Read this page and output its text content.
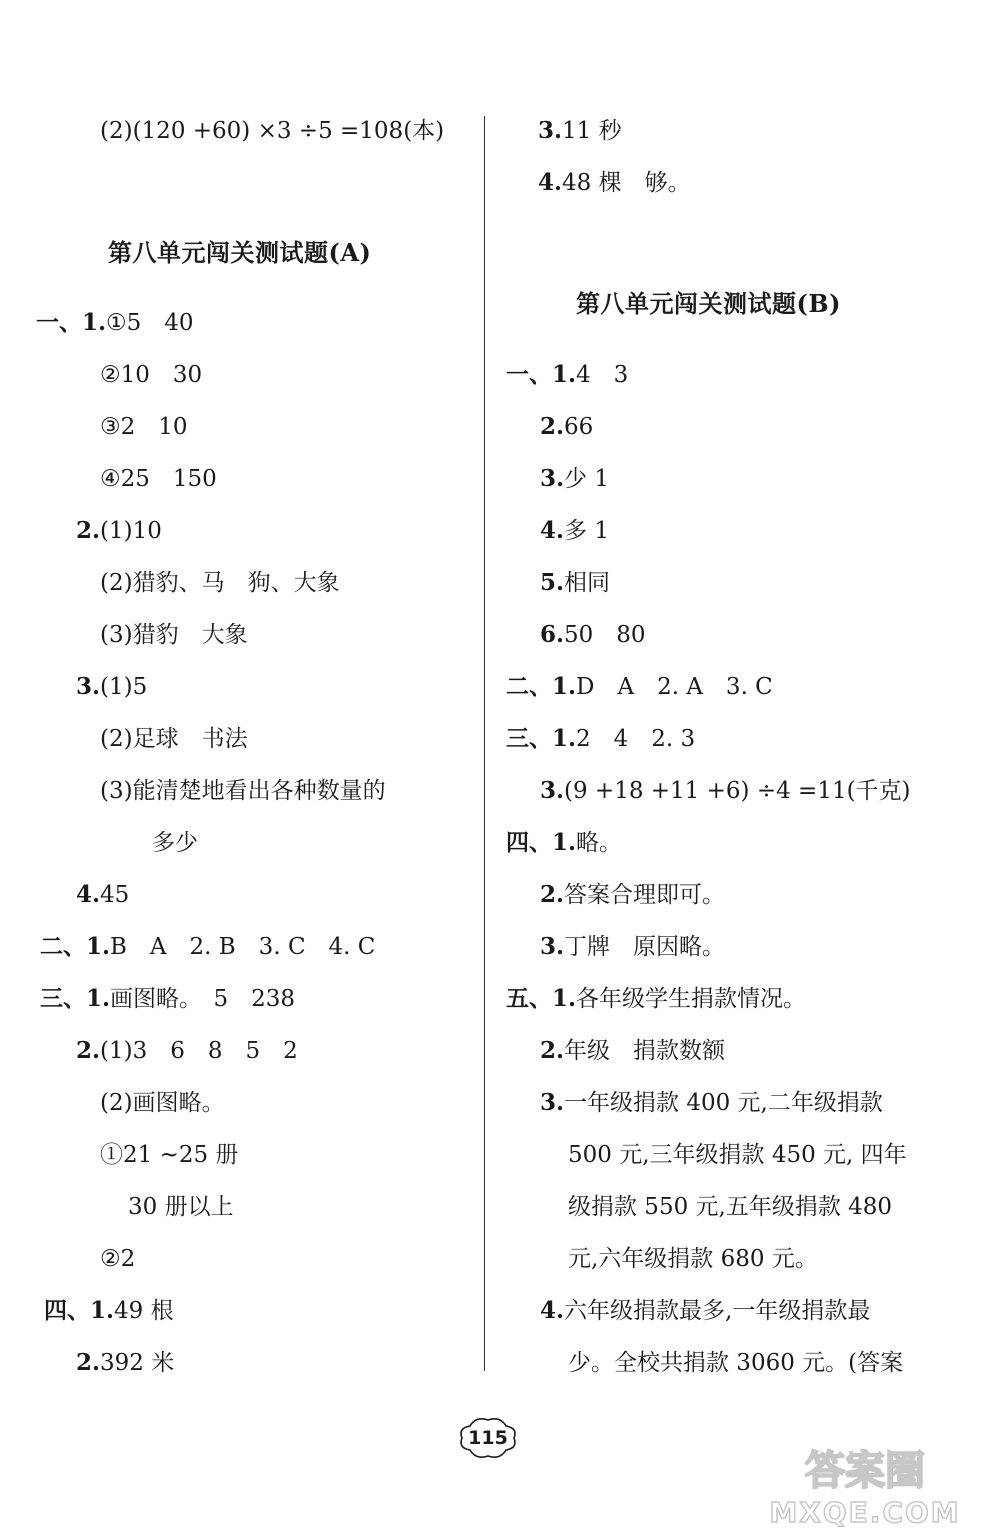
(2)(120 +60) ×3 ÷5 =108(本)
第八单元闯关测试题(A)
一、1.①5　40
②10　30
③2　10
④25　150
2.(1)10
(2)猎豹、马　狗、大象
(3)猎豹　大象
3.(1)5
(2)足球　书法
(3)能清楚地看出各种数量的
多少
4.45
二、1.B　A　2. B　3. C　4. C
三、1.画图略。　5　238
2.(1)3　6　8　5　2
(2)画图略。
①21 ~25 册
30 册以上
②2
四、1.49 根
2.392 米
3.11 秒
4.48 棵　够。
第八单元闯关测试题(B)
一、1.4　3
2.66
3.少 1
4.多 1
5.相同
6.50　80
二、1.D　A　2. A　3. C
三、1.2　4　2. 3
3.(9 +18 +11 +6) ÷4 =11(千克)
四、1.略。
2.答案合理即可。
3.丁牌　原因略。
五、1.各年级学生捐款情况。
2.年级　捐款数额
3.一年级捐款 400 元,二年级捐款
500 元,三年级捐款 450 元, 四年
级捐款 550 元,五年级捐款 480
元,六年级捐款 680 元。
4.六年级捐款最多,一年级捐款最
少。全校共捐款 3060 元。(答案
115
答案圈
MXQE.COM
